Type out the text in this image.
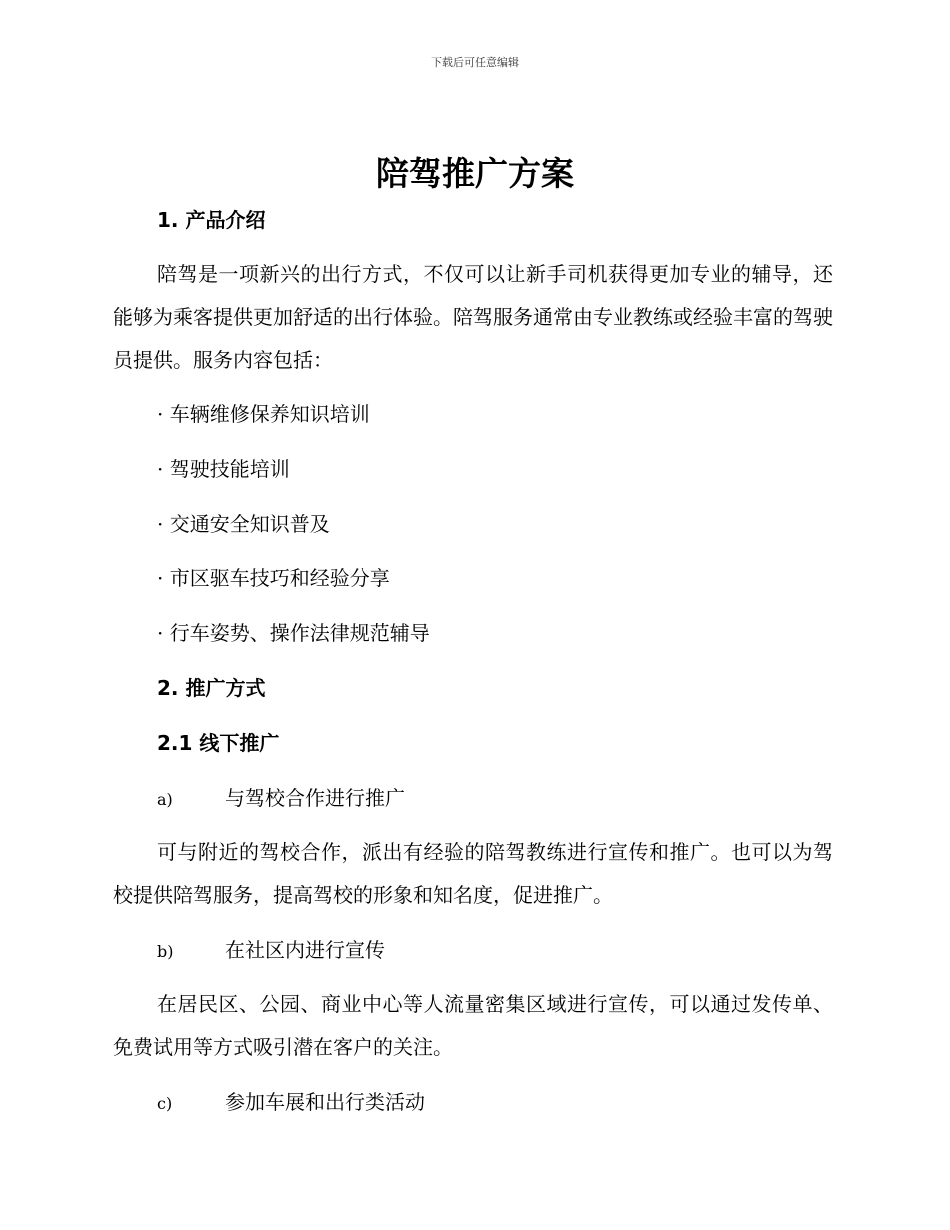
下载后可任意编辑
陪驾推广方案
1. 产品介绍
陪驾是一项新兴的出行方式，不仅可以让新手司机获得更加专业的辅导，还能够为乘客提供更加舒适的出行体验。陪驾服务通常由专业教练或经验丰富的驾驶员提供。服务内容包括：
· 车辆维修保养知识培训
· 驾驶技能培训
· 交通安全知识普及
· 市区驱车技巧和经验分享
· 行车姿势、操作法律规范辅导
2. 推广方式
2.1 线下推广
a)	与驾校合作进行推广
可与附近的驾校合作，派出有经验的陪驾教练进行宣传和推广。也可以为驾校提供陪驾服务，提高驾校的形象和知名度，促进推广。
b)	在社区内进行宣传
在居民区、公园、商业中心等人流量密集区域进行宣传，可以通过发传单、免费试用等方式吸引潜在客户的关注。
c)	参加车展和出行类活动
